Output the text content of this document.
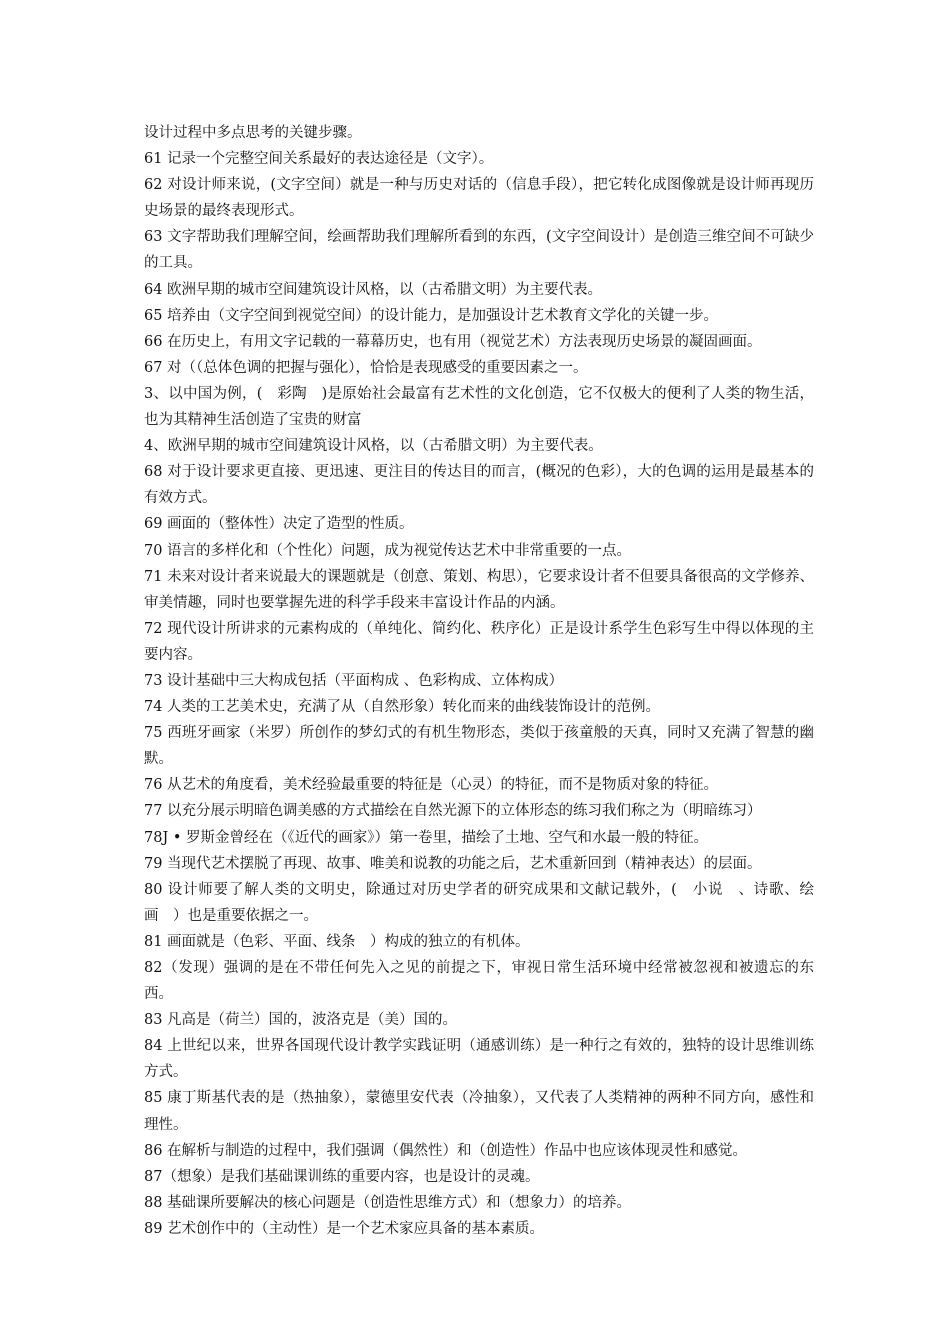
设计过程中多点思考的关键步骤。

61 记录一个完整空间关系最好的表达途径是（文字）。

62 对设计师来说，(文字空间）就是一种与历史对话的（信息手段），把它转化成图像就是设计师再现历史场景的最终表现形式。

63 文字帮助我们理解空间，绘画帮助我们理解所看到的东西，(文字空间设计）是创造三维空间不可缺少的工具。

64 欧洲早期的城市空间建筑设计风格，以（古希腊文明）为主要代表。

65 培养由（文字空间到视觉空间）的设计能力，是加强设计艺术教育文学化的关键一步。

66 在历史上，有用文字记载的一幕幕历史，也有用（视觉艺术）方法表现历史场景的凝固画面。

67 对（（总体色调的把握与强化），恰恰是表现感受的重要因素之一。

3、以中国为例，(　彩陶　)是原始社会最富有艺术性的文化创造，它不仅极大的便利了人类的物生活，也为其精神生活创造了宝贵的财富

4、欧洲早期的城市空间建筑设计风格，以（古希腊文明）为主要代表。

68 对于设计要求更直接、更迅速、更注目的传达目的而言，(概况的色彩），大的色调的运用是最基本的有效方式。

69 画面的（整体性）决定了造型的性质。

70 语言的多样化和（个性化）问题，成为视觉传达艺术中非常重要的一点。

71 未来对设计者来说最大的课题就是（创意、策划、构思），它要求设计者不但要具备很高的文学修养、审美情趣，同时也要掌握先进的科学手段来丰富设计作品的内涵。

72 现代设计所讲求的元素构成的（单纯化、简约化、秩序化）正是设计系学生色彩写生中得以体现的主要内容。

73 设计基础中三大构成包括（平面构成 、色彩构成、立体构成）

74 人类的工艺美术史，充满了从（自然形象）转化而来的曲线装饰设计的范例。

75 西班牙画家（米罗）所创作的梦幻式的有机生物形态，类似于孩童般的天真，同时又充满了智慧的幽默。

76 从艺术的角度看，美术经验最重要的特征是（心灵）的特征，而不是物质对象的特征。

77 以充分展示明暗色调美感的方式描绘在自然光源下的立体形态的练习我们称之为（明暗练习）

78J • 罗斯金曾经在（《近代的画家》）第一卷里，描绘了土地、空气和水最一般的特征。

79 当现代艺术摆脱了再现、故事、唯美和说教的功能之后，艺术重新回到（精神表达）的层面。

80 设计师要了解人类的文明史，除通过对历史学者的研究成果和文献记载外，(　小说　、诗歌、绘画　）也是重要依据之一。

81 画面就是（色彩、平面、线条　）构成的独立的有机体。

82（发现）强调的是在不带任何先入之见的前提之下，审视日常生活环境中经常被忽视和被遗忘的东西。

83 凡高是（荷兰）国的，波洛克是（美）国的。

84 上世纪以来，世界各国现代设计教学实践证明（通感训练）是一种行之有效的，独特的设计思维训练方式。

85 康丁斯基代表的是（热抽象），蒙德里安代表（冷抽象），又代表了人类精神的两种不同方向，感性和理性。

86 在解析与制造的过程中，我们强调（偶然性）和（创造性）作品中也应该体现灵性和感觉。

87（想象）是我们基础课训练的重要内容，也是设计的灵魂。

88 基础课所要解决的核心问题是（创造性思维方式）和（想象力）的培养。

89 艺术创作中的（主动性）是一个艺术家应具备的基本素质。
